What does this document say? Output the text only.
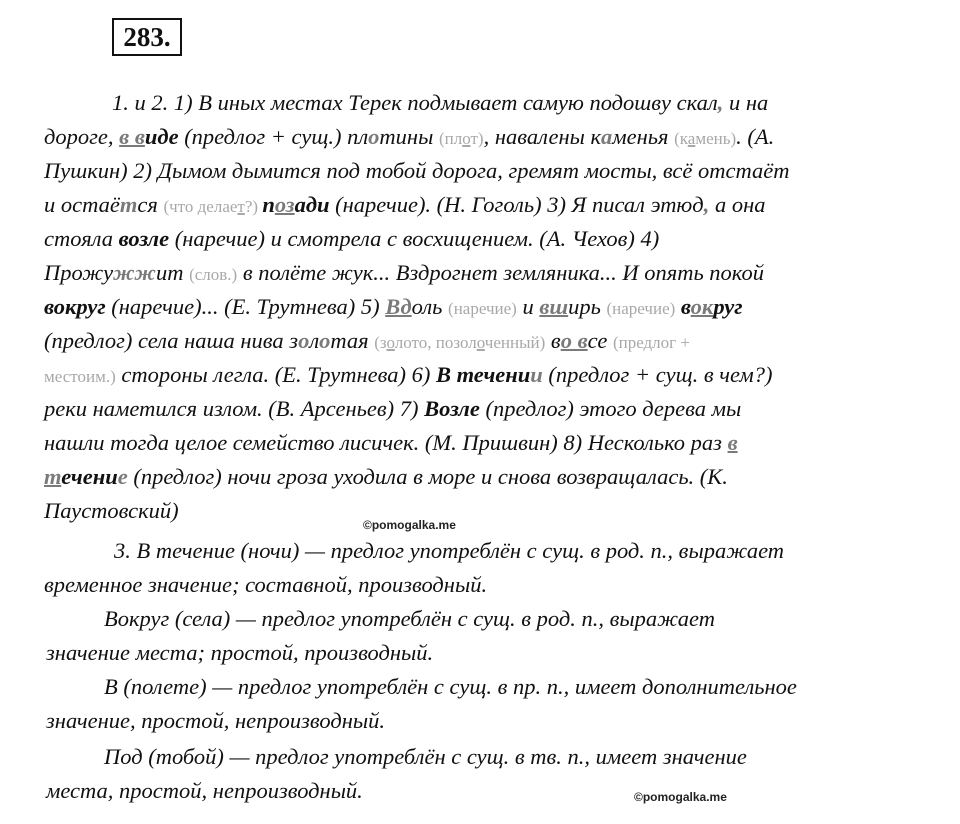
283.
1. и 2. 1) В иных местах Терек подмывает самую подошву скал, и на
дороге, в виде (предлог + сущ.) плотины (плот), навалены каменья (камень). (А.
Пушкин) 2) Дымом дымится под тобой дорога, гремят мосты, всё отстаёт
и остаётся (что делает?) позади (наречие). (Н. Гоголь) 3) Я писал этюд, а она
стояла возле (наречие) и смотрела с восхищением. (А. Чехов) 4)
Прожужжит (слов.) в полёте жук... Вздрогнет земляника... И опять покой
вокруг (наречие)... (Е. Трутнева) 5) Вдоль (наречие) и вширь (наречие) вокруг
(предлог) села наша нива золотая (золото, позолоченный) во все (предлог +
местоим.) стороны легла. (Е. Трутнева) 6) В течении (предлог + сущ. в чем?)
реки наметился излом. (В. Арсеньев) 7) Возле (предлог) этого дерева мы
нашли тогда целое семейство лисичек. (М. Пришвин) 8) Несколько раз в
течение (предлог) ночи гроза уходила в море и снова возвращалась. (К.
Паустовский)
©pomogalka.me
3. В течение (ночи) — предлог употреблён с сущ. в род. п., выражает
временное значение; составной, производный.
Вокруг (села) — предлог употреблён с сущ. в род. п., выражает
значение места; простой, производный.
В (полете) — предлог употреблён с сущ. в пр. п., имеет дополнительное
значение, простой, непроизводный.
Под (тобой) — предлог употреблён с сущ. в тв. п., имеет значение
места, простой, непроизводный.	©pomogalka.me
